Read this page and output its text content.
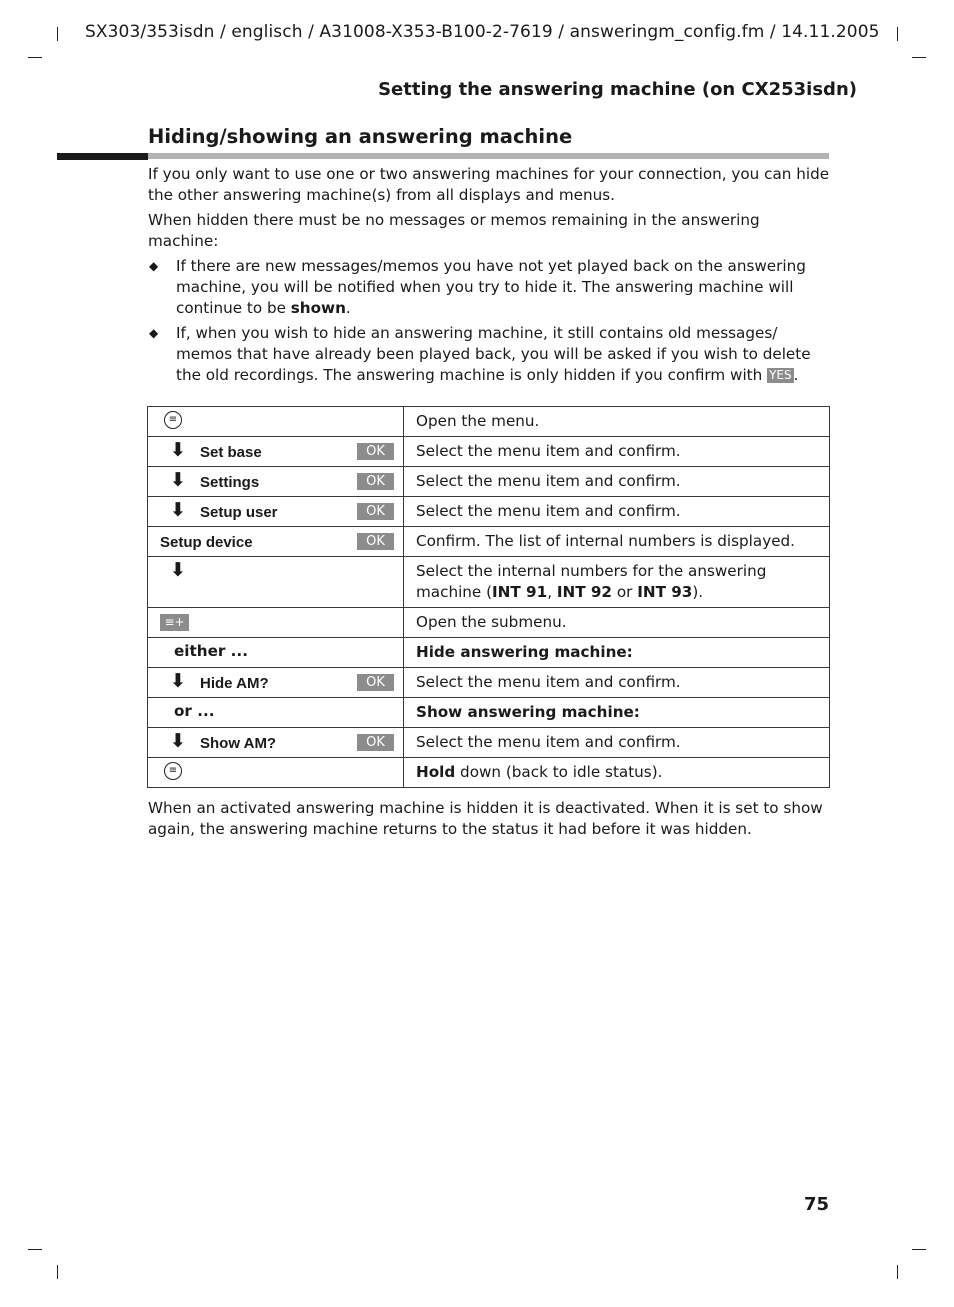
SX303/353isdn / englisch / A31008-X353-B100-2-7619 / answeringm_config.fm / 14.11.2005
Setting the answering machine (on CX253isdn)
Hiding/showing an answering machine

If you only want to use one or two answering machines for your connection, you can hide the other answering machine(s) from all displays and menus.

When hidden there must be no messages or memos remaining in the answering machine:

◆ If there are new messages/memos you have not yet played back on the answering machine, you will be notified when you try to hide it. The answering machine will continue to be shown.
◆ If, when you wish to hide an answering machine, it still contains old messages/ memos that have already been played back, you will be asked if you wish to delete the old recordings. The answering machine is only hidden if you confirm with YES .
≡	Open the menu.

⬇ Set base OK	Select the menu item and confirm.

⬇ Settings OK	Select the menu item and confirm.

⬇ Setup user OK	Select the menu item and confirm.

Setup device OK	Confirm. The list of internal numbers is displayed.

⬇	Select the internal numbers for the answering machine (INT 91, INT 92 or INT 93).

≡+	Open the submenu.

either ...	Hide answering machine:

⬇ Hide AM? OK	Select the menu item and confirm.

or ...	Show answering machine:

⬇ Show AM? OK	Select the menu item and confirm.

≡	Hold down (back to idle status).
When an activated answering machine is hidden it is deactivated. When it is set to show again, the answering machine returns to the status it had before it was hidden.
75
